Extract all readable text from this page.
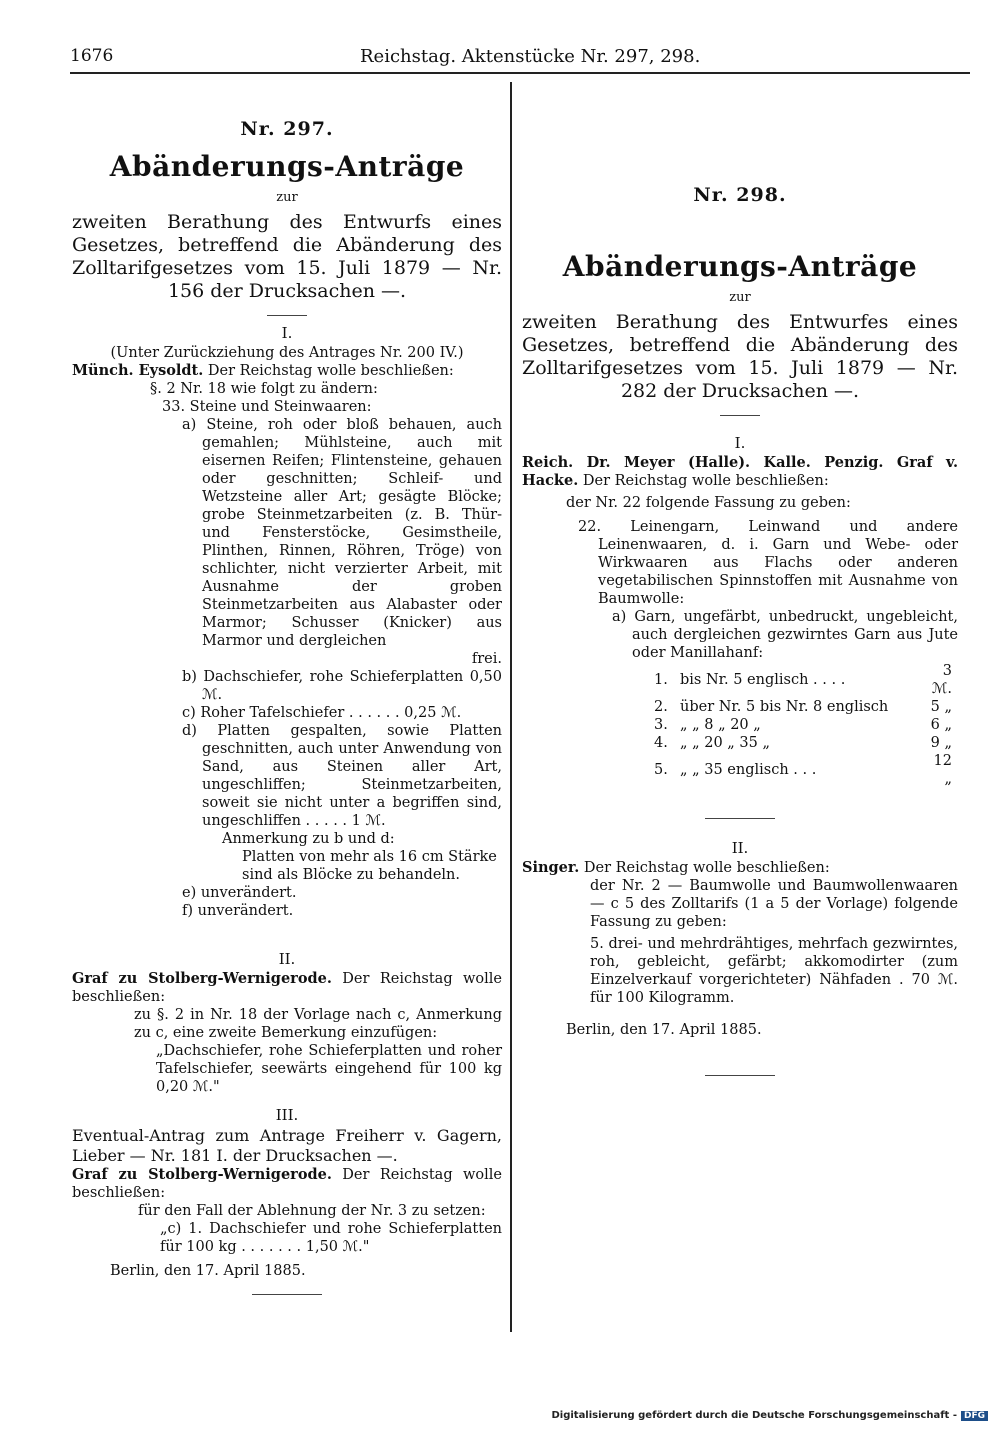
1676	Reichstag. Aktenstücke Nr. 297, 298.
Nr. 297.
Abänderungs-Anträge
zur
zweiten Berathung des Entwurfs eines Gesetzes, betreffend die Abänderung des Zolltarifgesetzes vom 15. Juli 1879 — Nr. 156 der Drucksachen —.
I.
(Unter Zurückziehung des Antrages Nr. 200 IV.)
Münch. Eysoldt. Der Reichstag wolle beschließen:
§. 2 Nr. 18 wie folgt zu ändern:
33. Steine und Steinwaaren:
a) Steine, roh oder bloß behauen, auch gemahlen; Mühlsteine, auch mit eisernen Reifen; Flintensteine, gehauen oder geschnitten; Schleif- und Wetzsteine aller Art; gesägte Blöcke; grobe Steinmetzarbeiten (z. B. Thür- und Fensterstöcke, Gesimstheile, Plinthen, Rinnen, Röhren, Tröge) von schlichter, nicht verzierter Arbeit, mit Ausnahme der groben Steinmetzarbeiten aus Alabaster oder Marmor; Schusser (Knicker) aus Marmor und dergleichen
frei.
b) Dachschiefer, rohe Schieferplatten 0,50 ℳ.
c) Roher Tafelschiefer . . . . . . 0,25 ℳ.
d) Platten gespalten, sowie Platten geschnitten, auch unter Anwendung von Sand, aus Steinen aller Art, ungeschliffen; Steinmetzarbeiten, soweit sie nicht unter a begriffen sind, ungeschliffen . . . . . 1 ℳ.
Anmerkung zu b und d:
Platten von mehr als 16 cm Stärke sind als Blöcke zu behandeln.
e) unverändert.
f) unverändert.
II.
Graf zu Stolberg-Wernigerode. Der Reichstag wolle beschließen:
zu §. 2 in Nr. 18 der Vorlage nach c, Anmerkung zu c, eine zweite Bemerkung einzufügen:
„Dachschiefer, rohe Schieferplatten und roher Tafelschiefer, seewärts eingehend für 100 kg 0,20 ℳ."
III.
Eventual-Antrag zum Antrage Freiherr v. Gagern, Lieber — Nr. 181 I. der Drucksachen —.
Graf zu Stolberg-Wernigerode. Der Reichstag wolle beschließen:
für den Fall der Ablehnung der Nr. 3 zu setzen:
„c) 1. Dachschiefer und rohe Schieferplatten für 100 kg . . . . . . . 1,50 ℳ."
Berlin, den 17. April 1885.
Nr. 298.
Abänderungs-Anträge
zur
zweiten Berathung des Entwurfes eines Gesetzes, betreffend die Abänderung des Zolltarifgesetzes vom 15. Juli 1879 — Nr. 282 der Drucksachen —.
I.
Reich. Dr. Meyer (Halle). Kalle. Penzig. Graf v. Hacke. Der Reichstag wolle beschließen:
der Nr. 22 folgende Fassung zu geben:
22. Leinengarn, Leinwand und andere Leinenwaaren, d. i. Garn und Webe- oder Wirkwaaren aus Flachs oder anderen vegetabilischen Spinnstoffen mit Ausnahme von Baumwolle:
a) Garn, ungefärbt, unbedruckt, ungebleicht, auch dergleichen gezwirntes Garn aus Jute oder Manillahanf:
1.	bis Nr. 5 englisch . . . .	3 ℳ.
2.	über Nr. 5 bis Nr. 8 englisch	5 „
3.	„ „ 8 „ 20 „	6 „
4.	„ „ 20 „ 35 „	9 „
5.	„ „ 35 englisch . . .	12 „
II.
Singer. Der Reichstag wolle beschließen:
der Nr. 2 — Baumwolle und Baumwollenwaaren — c 5 des Zolltarifs (1 a 5 der Vorlage) folgende Fassung zu geben:
5. drei- und mehrdrähtiges, mehrfach gezwirntes, roh, gebleicht, gefärbt; akkomodirter (zum Einzelverkauf vorgerichteter) Nähfaden . 70 ℳ. für 100 Kilogramm.
Berlin, den 17. April 1885.
Digitalisierung gefördert durch die Deutsche Forschungsgemeinschaft - DFG
